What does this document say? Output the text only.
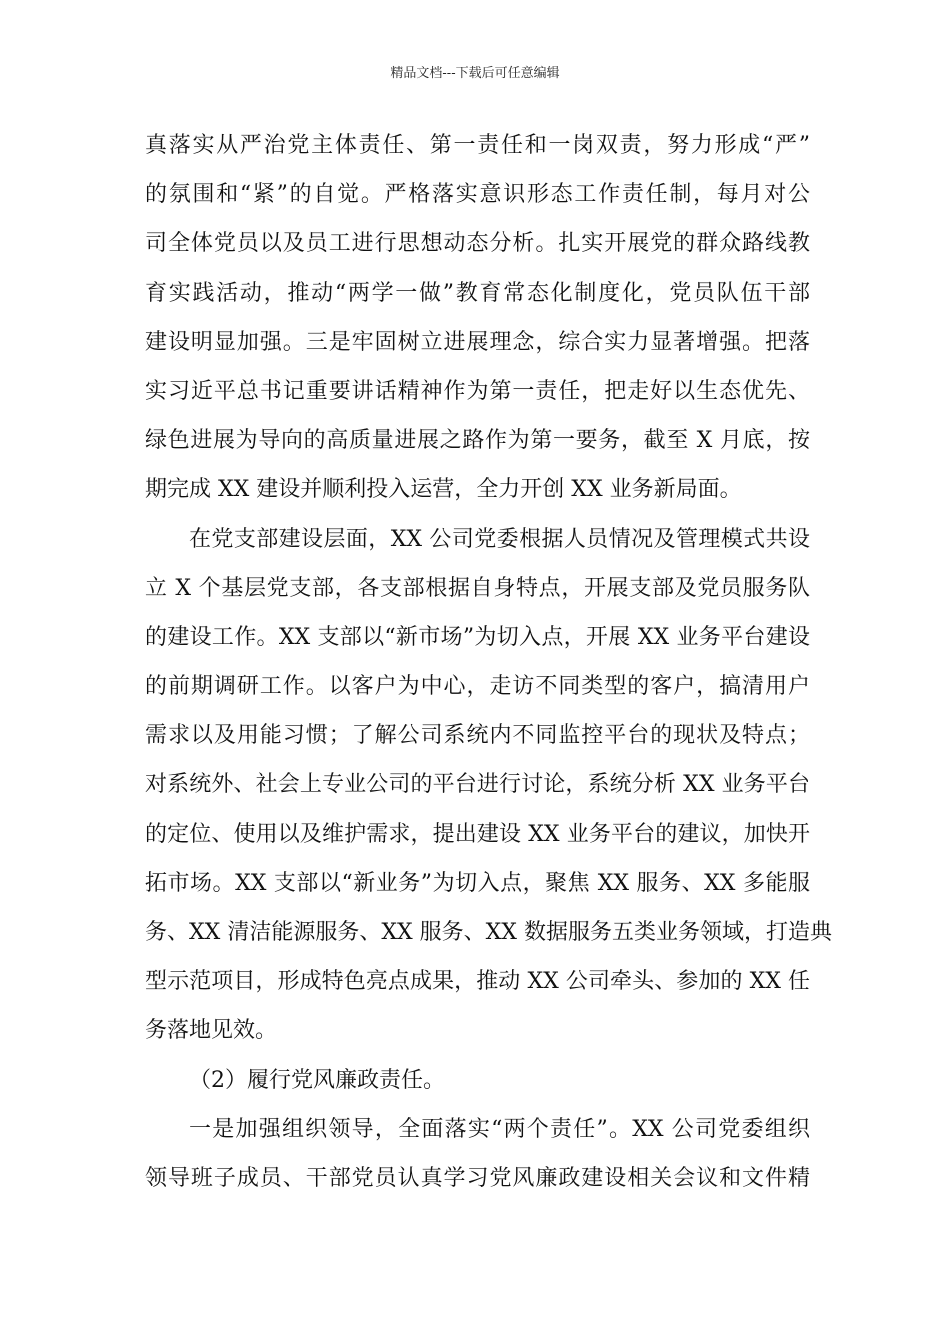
精品文档---下载后可任意编辑
真落实从严治党主体责任、第一责任和一岗双责，努力形成“严”
的氛围和“紧”的自觉。严格落实意识形态工作责任制，每月对公
司全体党员以及员工进行思想动态分析。扎实开展党的群众路线教
育实践活动，推动“两学一做”教育常态化制度化，党员队伍干部
建设明显加强。三是牢固树立进展理念，综合实力显著增强。把落
实习近平总书记重要讲话精神作为第一责任，把走好以生态优先、
绿色进展为导向的高质量进展之路作为第一要务，截至 X 月底，按
期完成 XX 建设并顺利投入运营，全力开创 XX 业务新局面。
在党支部建设层面，XX 公司党委根据人员情况及管理模式共设
立 X 个基层党支部，各支部根据自身特点，开展支部及党员服务队
的建设工作。XX 支部以“新市场”为切入点，开展 XX 业务平台建设
的前期调研工作。以客户为中心，走访不同类型的客户，搞清用户
需求以及用能习惯；了解公司系统内不同监控平台的现状及特点；
对系统外、社会上专业公司的平台进行讨论，系统分析 XX 业务平台
的定位、使用以及维护需求，提出建设 XX 业务平台的建议，加快开
拓市场。XX 支部以“新业务”为切入点，聚焦 XX 服务、XX 多能服
务、XX 清洁能源服务、XX 服务、XX 数据服务五类业务领域，打造典
型示范项目，形成特色亮点成果，推动 XX 公司牵头、参加的 XX 任
务落地见效。
（2）履行党风廉政责任。
一是加强组织领导，全面落实“两个责任”。XX 公司党委组织
领导班子成员、干部党员认真学习党风廉政建设相关会议和文件精
